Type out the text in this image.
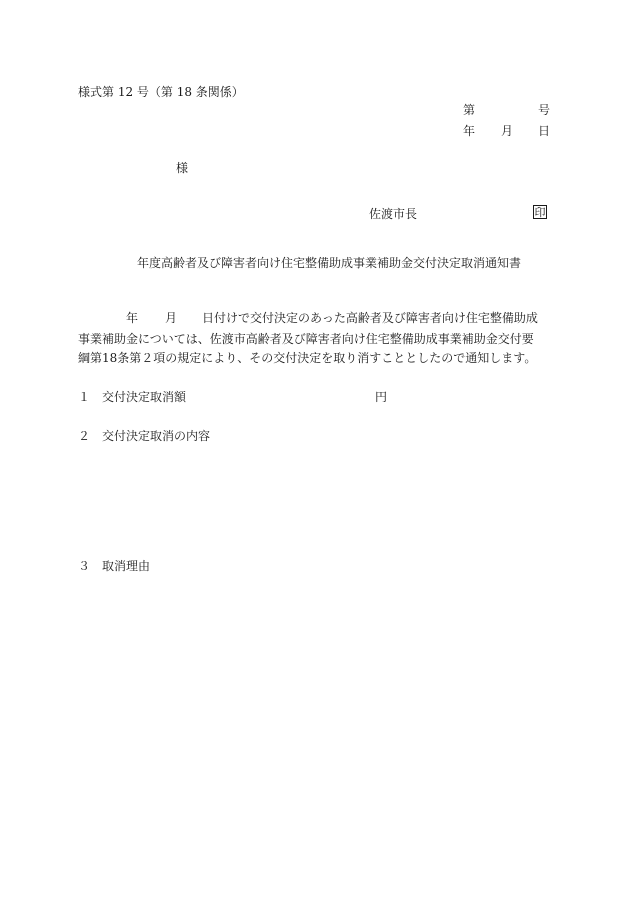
様式第 12 号（第 18 条関係）
第	号
年 月 日
様
佐渡市長	印
年度高齢者及び障害者向け住宅整備助成事業補助金交付決定取消通知書
年 月 日付けで交付決定のあった高齢者及び障害者向け住宅整備助成
事業補助金については、佐渡市高齢者及び障害者向け住宅整備助成事業補助金交付要
綱第18条第２項の規定により、その交付決定を取り消すこととしたので通知します。
１ 交付決定取消額	円
２ 交付決定取消の内容
３ 取消理由
